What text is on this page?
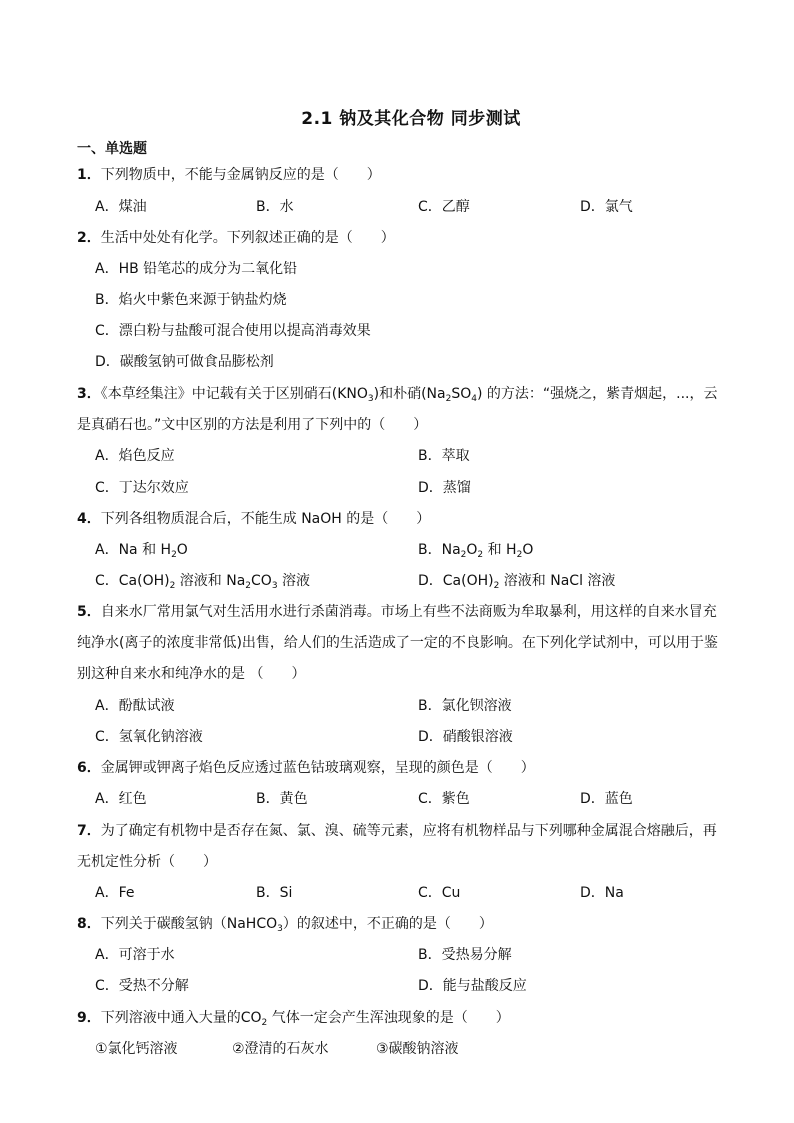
2.1 钠及其化合物 同步测试
一、单选题
1．下列物质中，不能与金属钠反应的是（　　）
A．煤油	B．水	C．乙醇	D．氯气
2．生活中处处有化学。下列叙述正确的是（　　）
A．HB 铅笔芯的成分为二氧化铅
B．焰火中紫色来源于钠盐灼烧
C．漂白粉与盐酸可混合使用以提高消毒效果
D．碳酸氢钠可做食品膨松剂
3．《本草经集注》中记载有关于区别硝石$(KNO_3)$和朴硝$(Na_2SO_4)$ 的方法：“强烧之，紫青烟起，...，云
是真硝石也。”文中区别的方法是利用了下列中的（　　）
A．焰色反应	B．萃取
C．丁达尔效应	D．蒸馏
4．下列各组物质混合后，不能生成 NaOH 的是（　　）
A．Na 和 $H_2O$	B．$Na_2O_2$ 和 $H_2O$
C．$Ca(OH)_2$ 溶液和 $Na_2CO_3$ 溶液	D．$Ca(OH)_2$ 溶液和 NaCl 溶液
5．自来水厂常用氯气对生活用水进行杀菌消毒。市场上有些不法商贩为牟取暴利，用这样的自来水冒充
纯净水(离子的浓度非常低)出售，给人们的生活造成了一定的不良影响。在下列化学试剂中，可以用于鉴
别这种自来水和纯净水的是 （　　）
A．酚酞试液	B．氯化钡溶液
C．氢氧化钠溶液	D．硝酸银溶液
6．金属钾或钾离子焰色反应透过蓝色钴玻璃观察，呈现的颜色是（　　）
A．红色	B．黄色	C．紫色	D．蓝色
7．为了确定有机物中是否存在氮、氯、溴、硫等元素，应将有机物样品与下列哪种金属混合熔融后，再
无机定性分析（　　）
A．Fe	B．Si	C．Cu	D．Na
8．下列关于碳酸氢钠（NaHCO$_3$）的叙述中，不正确的是（　　）
A．可溶于水	B．受热易分解
C．受热不分解	D．能与盐酸反应
9．下列溶液中通入大量的$CO_2$ 气体一定会产生浑浊现象的是（　　）
①氯化钙溶液	②澄清的石灰水	③碳酸钠溶液
